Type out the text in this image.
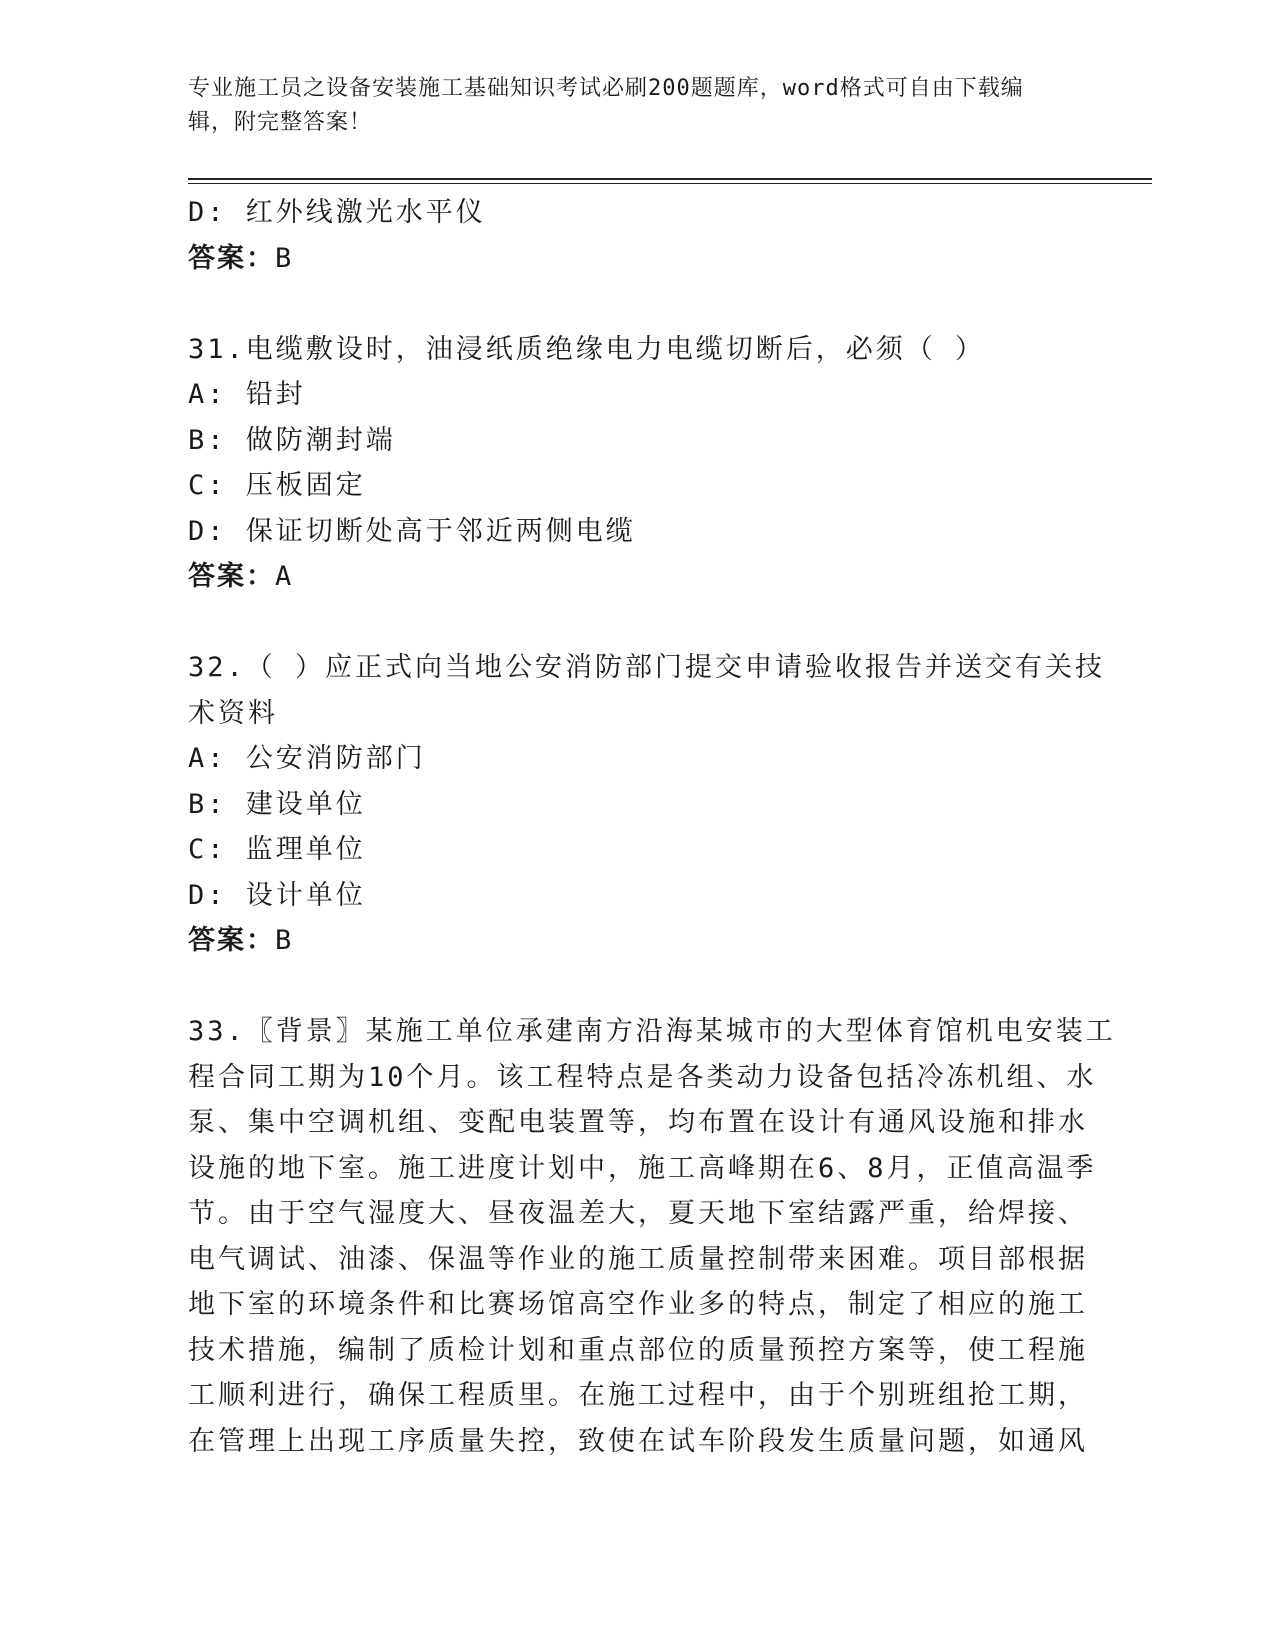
专业施工员之设备安装施工基础知识考试必刷200题题库，word格式可自由下载编辑，附完整答案！
D: 红外线激光水平仪
答案：B
31.电缆敷设时，油浸纸质绝缘电力电缆切断后，必须（ ）
A: 铅封
B: 做防潮封端
C: 压板固定
D: 保证切断处高于邻近两侧电缆
答案：A
32.（ ）应正式向当地公安消防部门提交申请验收报告并送交有关技
术资料
A: 公安消防部门
B: 建设单位
C: 监理单位
D: 设计单位
答案：B
33.〖背景〗某施工单位承建南方沿海某城市的大型体育馆机电安装工
程合同工期为10个月。该工程特点是各类动力设备包括冷冻机组、水
泵、集中空调机组、变配电装置等，均布置在设计有通风设施和排水
设施的地下室。施工进度计划中，施工高峰期在6、8月，正值高温季
节。由于空气湿度大、昼夜温差大，夏天地下室结露严重，给焊接、
电气调试、油漆、保温等作业的施工质量控制带来困难。项目部根据
地下室的环境条件和比赛场馆高空作业多的特点，制定了相应的施工
技术措施，编制了质检计划和重点部位的质量预控方案等，使工程施
工顺利进行，确保工程质里。在施工过程中，由于个别班组抢工期，
在管理上出现工序质量失控，致使在试车阶段发生质量问题，如通风
